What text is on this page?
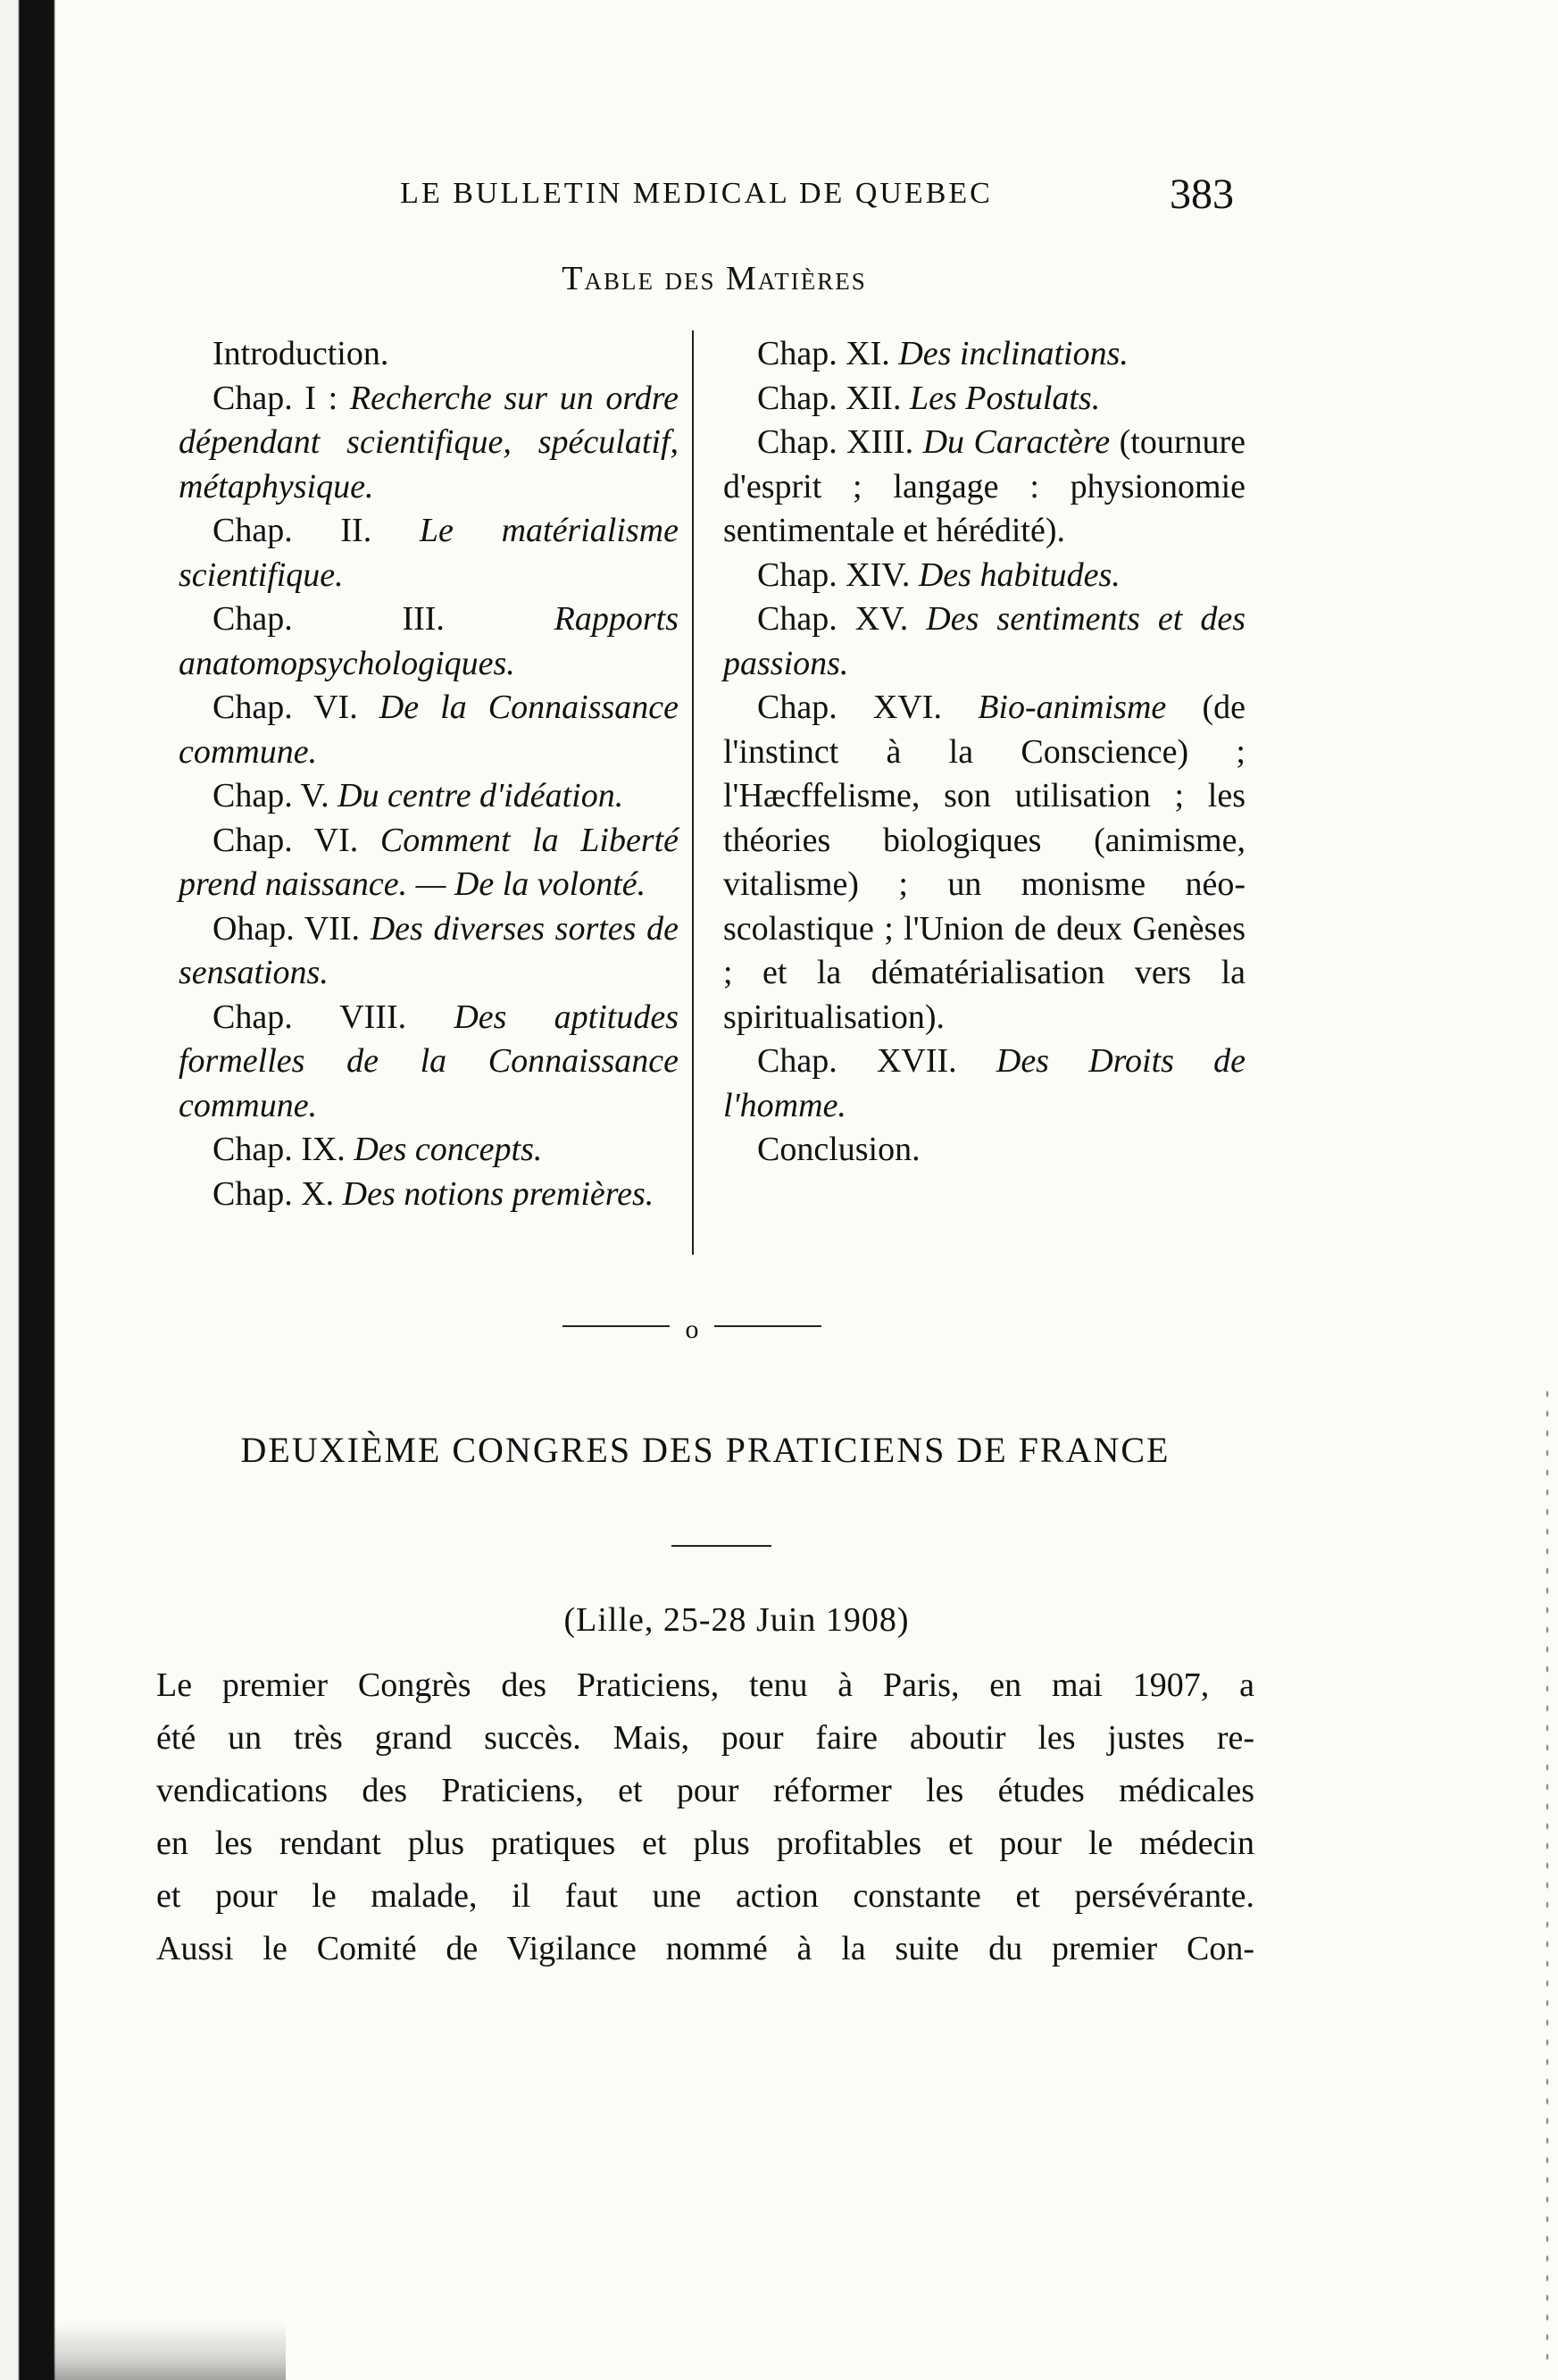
LE BULLETIN MEDICAL DE QUEBEC	383
Table des Matières
Introduction.
Chap. I : Recherche sur un ordre dépendant scientifique, spéculatif, métaphysique.
Chap. II. Le matérialisme scientifique.
Chap. III.	Rapports anatomopsychologiques.
Chap. VI. De la Connaissance commune.
Chap. V. Du centre d'idéation.
Chap. VI. Comment la Liberté prend naissance. — De la volonté.
Ohap. VII. Des diverses sortes de sensations.
Chap. VIII. Des aptitudes formelles de la Connaissance commune.
Chap. IX. Des concepts.
Chap. X. Des notions premières.
Chap. XI. Des inclinations.
Chap. XII. Les Postulats.
Chap. XIII. Du Caractère (tournure d'esprit ; langage : physionomie sentimentale et hérédité).
Chap. XIV. Des habitudes.
Chap. XV. Des sentiments et des passions.
Chap. XVI. Bio-animisme (de l'instinct à la Conscience) ; l'Hæcffelisme, son utilisation ; les théories biologiques (animisme, vitalisme) ; un monisme néo-scolastique ; l'Union de deux Genèses ; et la dématérialisation vers la spiritualisation).
Chap. XVII. Des Droits de l'homme.
Conclusion.
o
DEUXIÈME CONGRES DES PRATICIENS DE FRANCE
(Lille, 25-28 Juin 1908)
Le premier Congrès des Praticiens, tenu à Paris, en mai 1907, a
été un très grand succès. Mais, pour faire aboutir les justes re-
vendications des Praticiens, et pour réformer les études médicales
en les rendant plus pratiques et plus profitables et pour le médecin
et pour le malade, il faut une action constante et persévérante.
Aussi le Comité de Vigilance nommé à la suite du premier Con-
